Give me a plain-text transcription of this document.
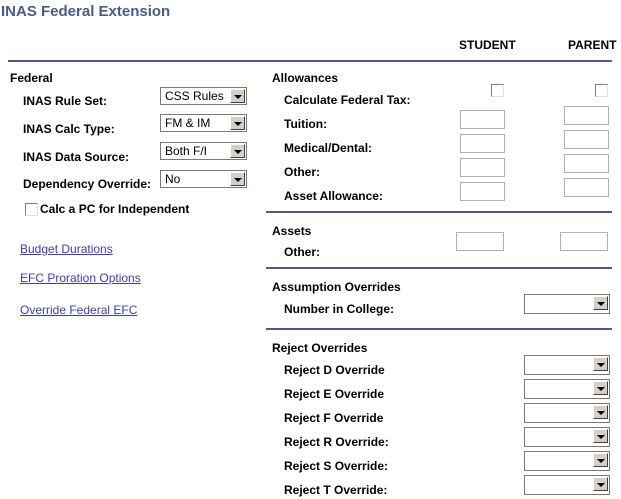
INAS Federal Extension
STUDENT	PARENT
Federal
INAS Rule Set:	CSS Rules
INAS Calc Type:	FM & IM
INAS Data Source:	Both F/I
Dependency Override:	No
Calc a PC for Independent
Budget Durations
EFC Proration Options
Override Federal EFC
Allowances
Calculate Federal Tax:
Tuition:
Medical/Dental:
Other:
Asset Allowance:
Assets
Other:
Assumption Overrides
Number in College:
Reject Overrides
Reject D Override
Reject E Override
Reject F Override
Reject R Override:
Reject S Override:
Reject T Override:
